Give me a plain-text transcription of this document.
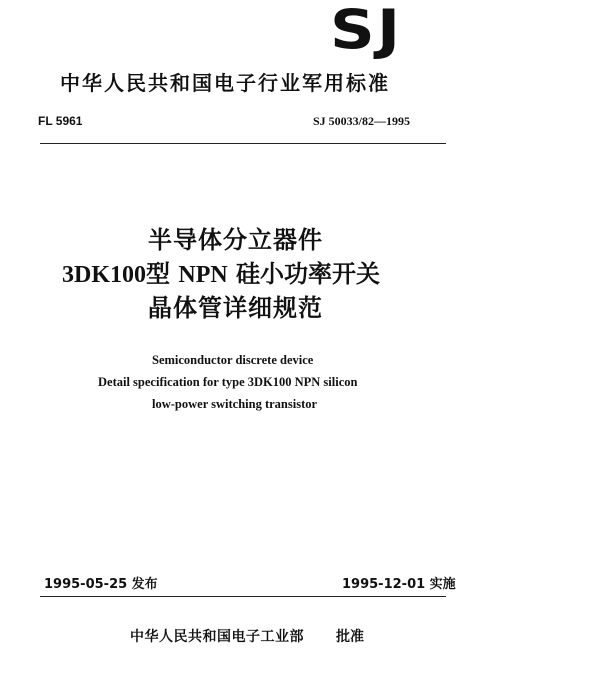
SJ
中华人民共和国电子行业军用标准
FL 5961	SJ 50033/82—1995
半导体分立器件
3DK100型 NPN 硅小功率开关
晶体管详细规范
Semiconductor discrete device
Detail specification for type 3DK100 NPN silicon
low-power switching transistor
1995-05-25 发布	1995-12-01 实施
中华人民共和国电子工业部 批准
